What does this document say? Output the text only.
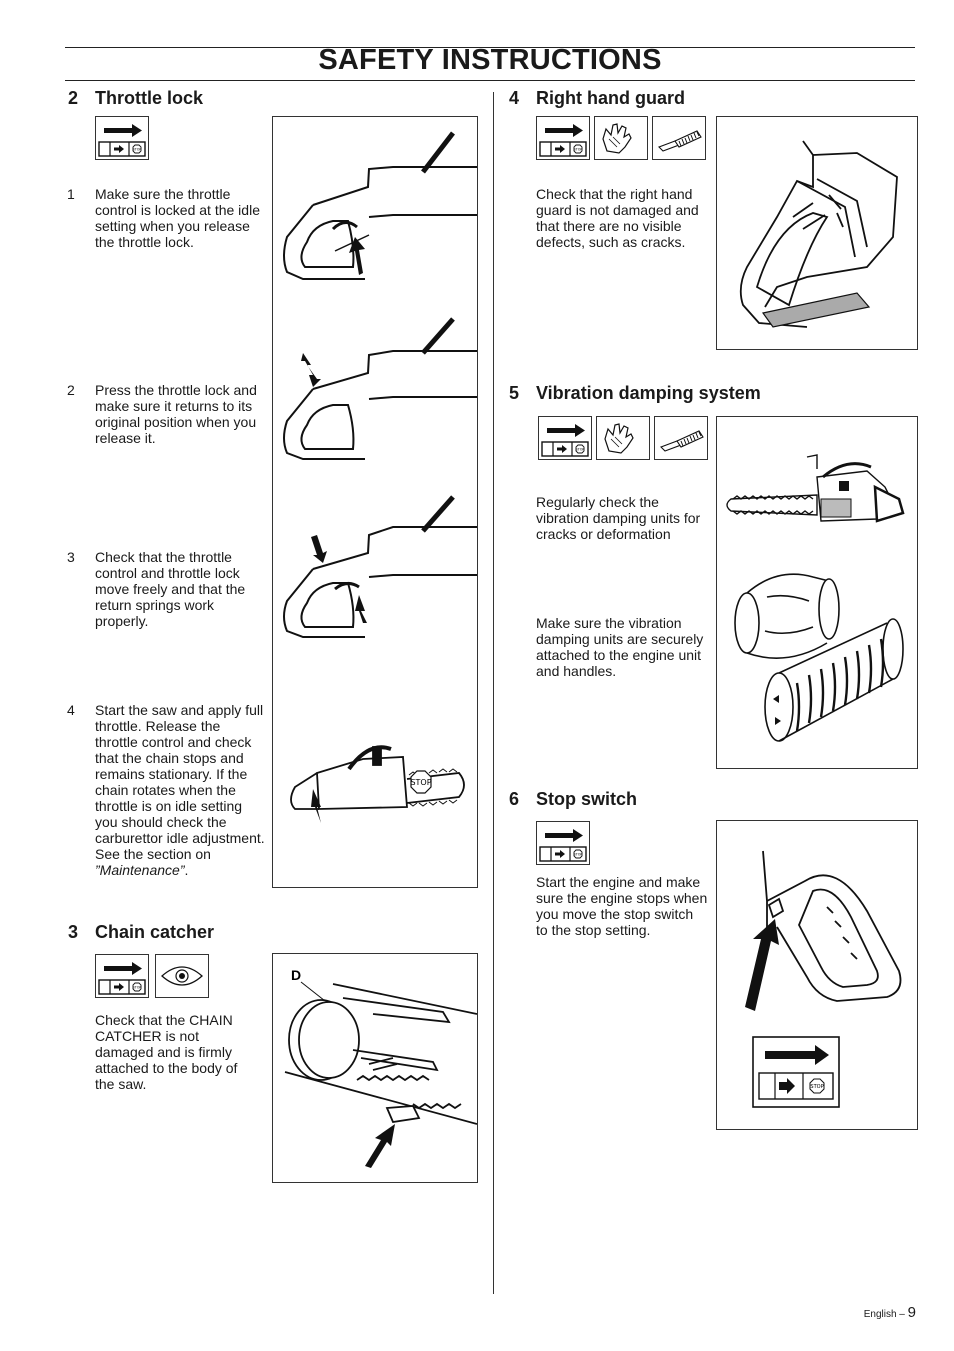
SAFETY INSTRUCTIONS
2 Throttle lock
1 Make sure the throttle control is locked at the idle setting when you release the throttle lock.
2 Press the throttle lock and make sure it returns to its original position when you release it.
3 Check that the throttle control and throttle lock move freely and that the return springs work properly.
4 Start the saw and apply full throttle. Release the throttle control and check that the chain stops and remains stationary. If the chain rotates when the throttle is on idle setting you should check the carburettor idle adjustment. See the section on ”Maintenance”.
STOP
3 Chain catcher
Check that the CHAIN CATCHER is not damaged and is firmly attached to the body of the saw.
D
4 Right hand guard
Check that the right hand guard is not damaged and that there are no visible defects, such as cracks.
5 Vibration damping system
Regularly check the vibration damping units for cracks or deformation
Make sure the vibration damping units are securely attached to the engine unit and handles.
6 Stop switch
Start the engine and make sure the engine stops when you move the stop switch to the stop setting.
STOP
English – 9
